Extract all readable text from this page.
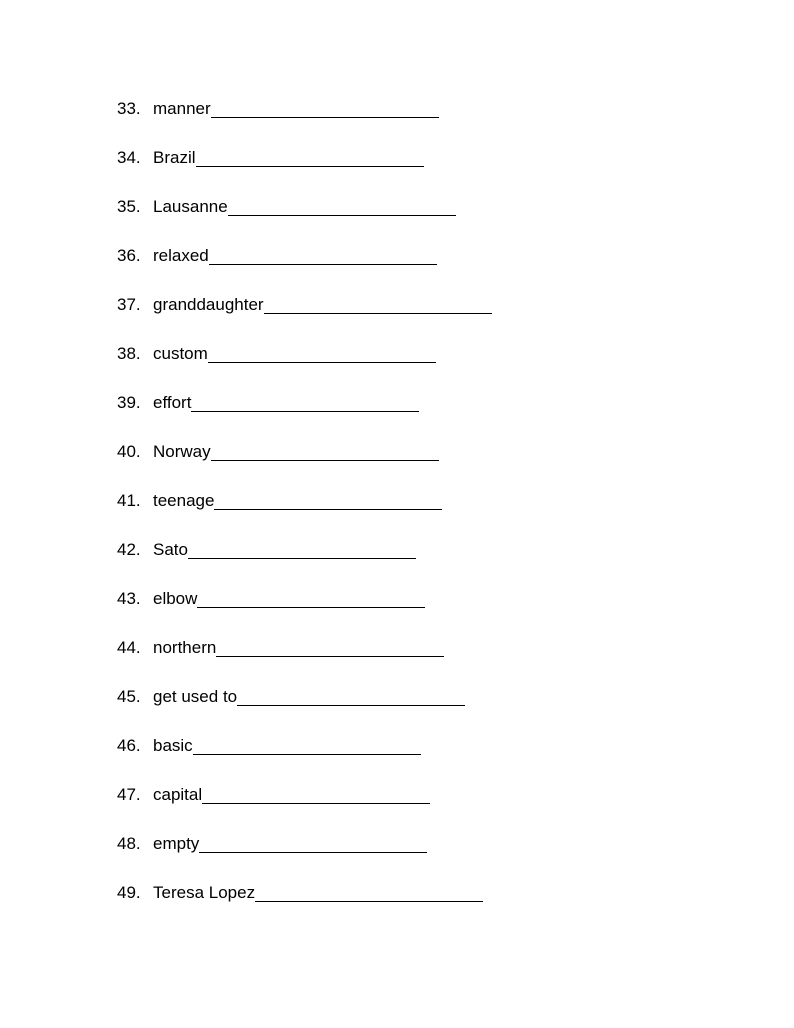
33. manner
34. Brazil
35. Lausanne
36. relaxed
37. granddaughter
38. custom
39. effort
40. Norway
41. teenage
42. Sato
43. elbow
44. northern
45. get used to
46. basic
47. capital
48. empty
49. Teresa Lopez
